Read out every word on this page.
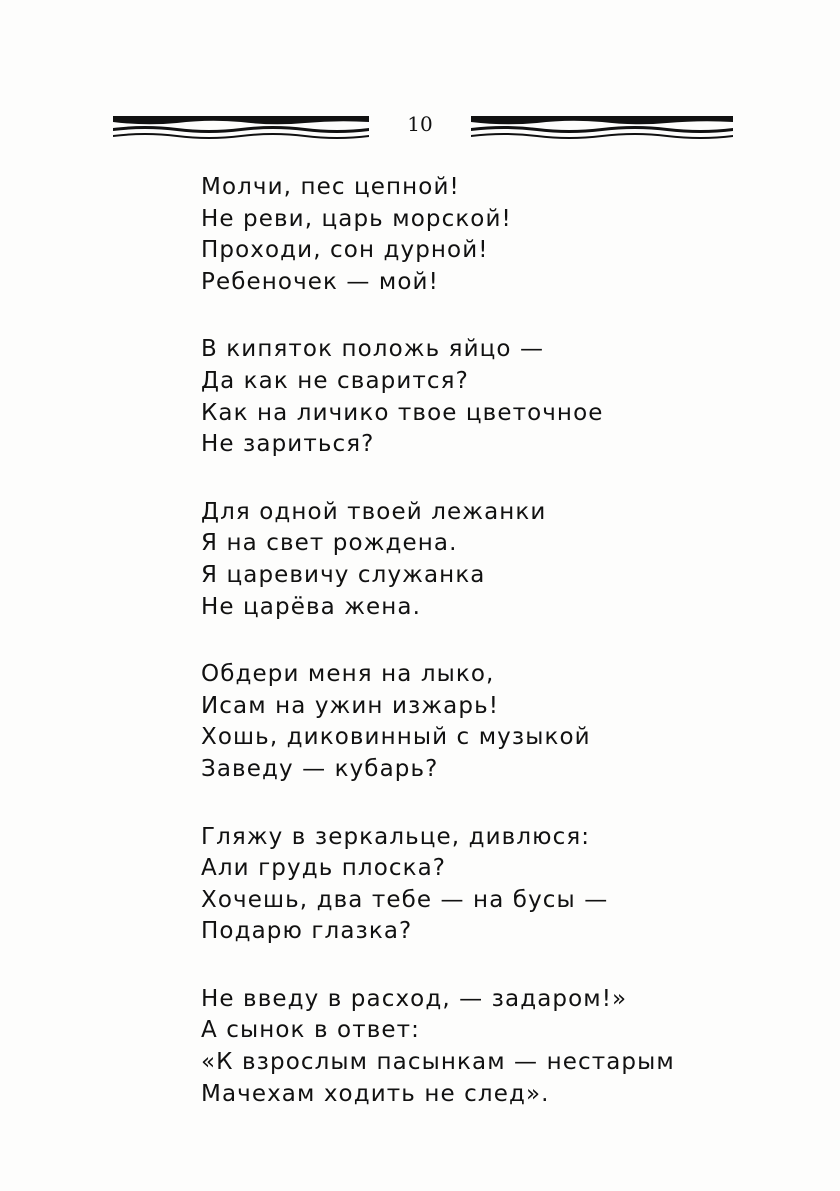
10
Молчи, пес цепной!
Не реви, царь морской!
Проходи, сон дурной!
Ребеночек — мой!
В кипяток положь яйцо —
Да как не сварится?
Как на личико твое цветочное
Не зариться?
Для одной твоей лежанки
Я на свет рождена.
Я царевичу служанка
Не царёва жена.
Обдери меня на лыко,
Исам на ужин изжарь!
Хошь, диковинный с музыкой
Заведу — кубарь?
Гляжу в зеркальце, дивлюся:
Али грудь плоска?
Хочешь, два тебе — на бусы —
Подарю глазка?
Не введу в расход, — задаром!»
А сынок в ответ:
«К взрослым пасынкам — нестарым
Мачехам ходить не след».
